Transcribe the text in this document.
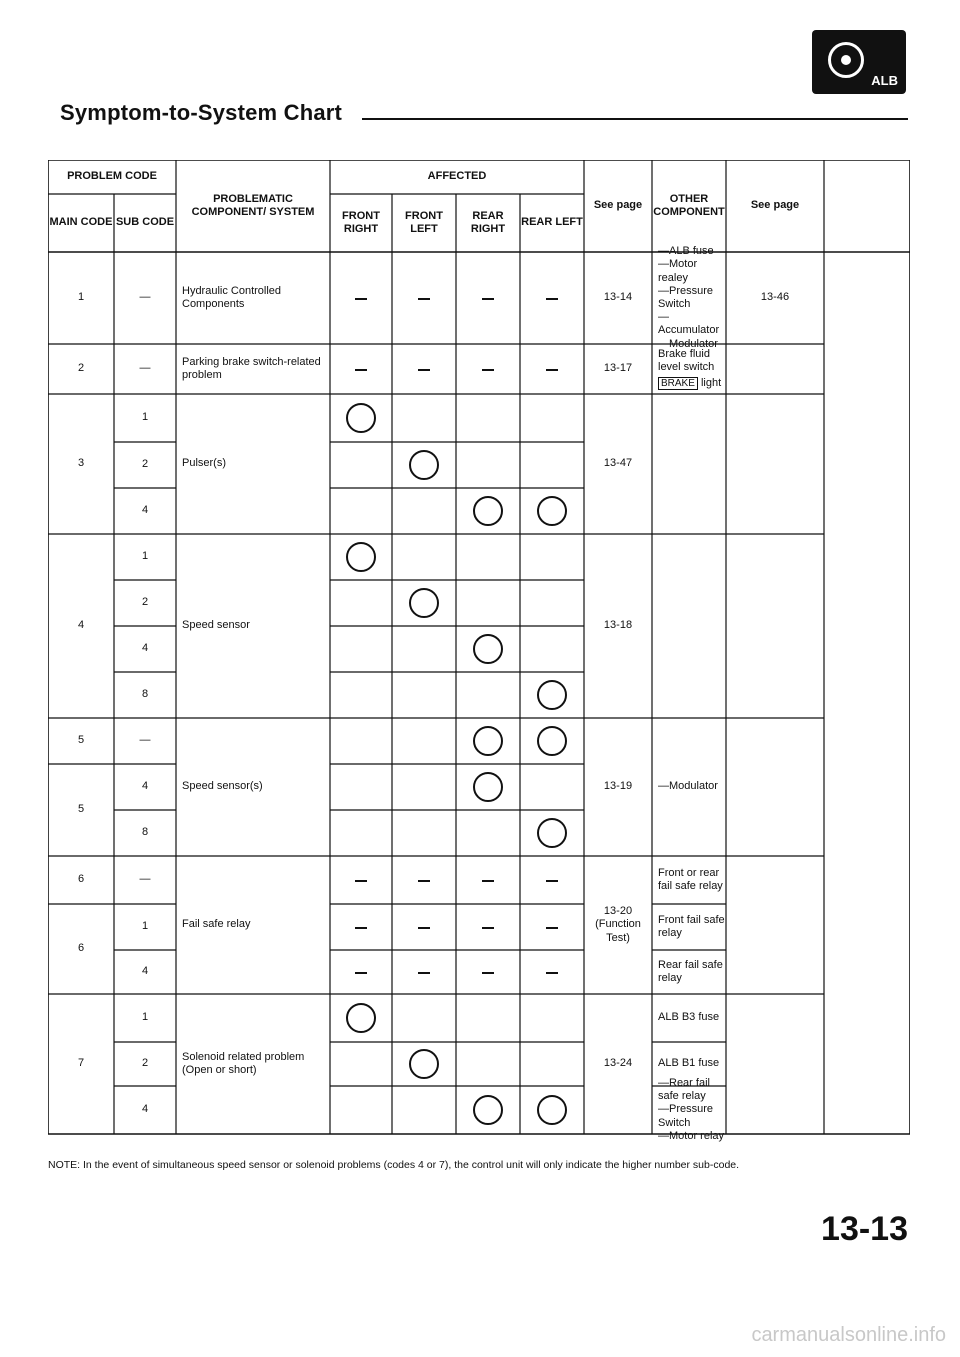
ALB
Symptom-to-System Chart
PROBLEM CODE
MAIN CODE SUB CODE
PROBLEMATIC COMPONENT/ SYSTEM
AFFECTED
FRONT RIGHT
FRONT LEFT
REAR RIGHT
REAR LEFT
See page
OTHER COMPONENT
See page
1
2
3
4
5
5
6
6
7
—
—
1
2
4
1
2
4
8
—
4
8
—
1
4
1
2
4
Hydraulic Controlled Components
Parking brake switch-related problem
Pulser(s)
Speed sensor
Speed sensor(s)
Fail safe relay
Solenoid related problem (Open or short)
13-14
13-17
13-47
13-18
13-19
13-20 (Function Test)
13-24
—ALB fuse
—Motor realey
—Pressure Switch
—Accumulator
—Modulator
Brake fluid level switch
BRAKE light
—Modulator
Front or rear fail safe relay
Front fail safe relay
Rear fail safe relay
ALB B3 fuse
ALB B1 fuse
—Rear fail safe relay
—Pressure Switch
—Motor relay
13-46
NOTE: In the event of simultaneous speed sensor or solenoid problems (codes 4 or 7), the control unit will only indicate the higher number sub-code.
13-13
carmanualsonline.info
